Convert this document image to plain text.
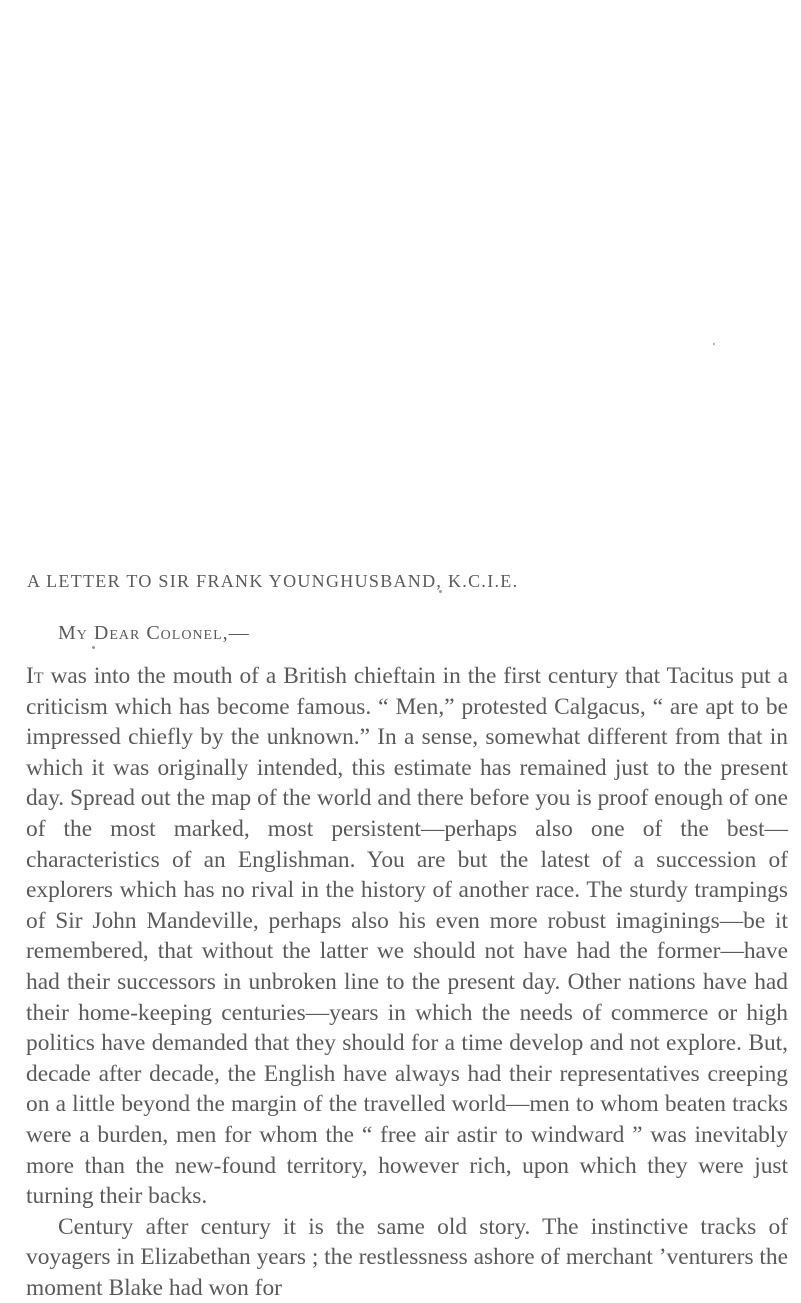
A LETTER TO SIR FRANK YOUNGHUSBAND, K.C.I.E.
My Dear Colonel,—

It was into the mouth of a British chieftain in the first century that Tacitus put a criticism which has become famous. “ Men,” protested Calgacus, “ are apt to be impressed chiefly by the unknown.” In a sense, somewhat different from that in which it was originally intended, this estimate has remained just to the present day. Spread out the map of the world and there before you is proof enough of one of the most marked, most persistent—perhaps also one of the best—characteristics of an Englishman. You are but the latest of a succession of explorers which has no rival in the history of another race. The sturdy trampings of Sir John Mandeville, perhaps also his even more robust imaginings—be it remembered, that without the latter we should not have had the former—have had their successors in unbroken line to the present day. Other nations have had their home-keeping centuries—years in which the needs of commerce or high politics have demanded that they should for a time develop and not explore. But, decade after decade, the English have always had their representatives creeping on a little beyond the margin of the travelled world—men to whom beaten tracks were a burden, men for whom the “ free air astir to windward ” was inevitably more than the new-found territory, however rich, upon which they were just turning their backs.

Century after century it is the same old story. The instinctive tracks of voyagers in Elizabethan years ; the restlessness ashore of merchant ’venturers the moment Blake had won for
